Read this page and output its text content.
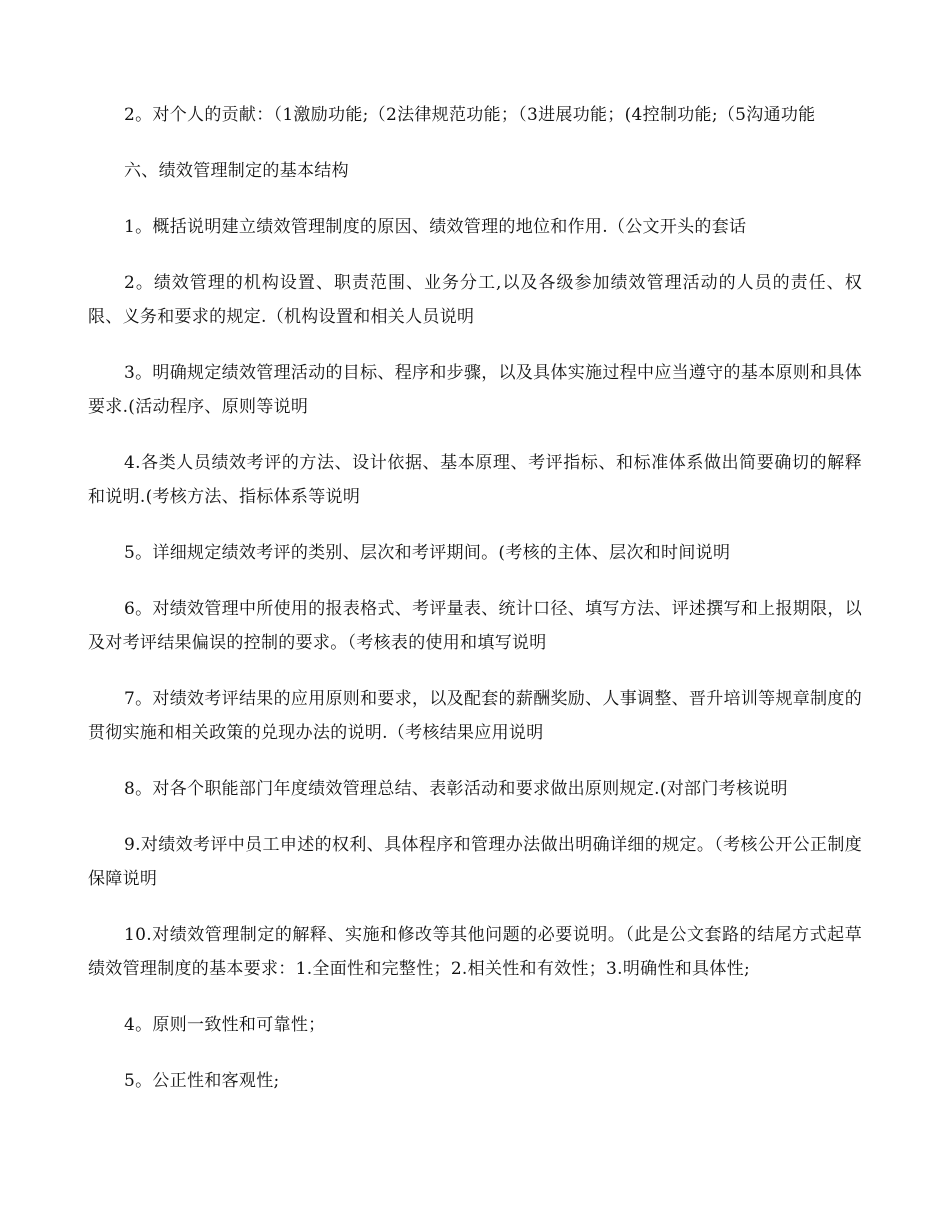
2。对个人的贡献：（1激励功能;（2法律规范功能；（3进展功能；(4控制功能;（5沟通功能

六、绩效管理制定的基本结构

1。概括说明建立绩效管理制度的原因、绩效管理的地位和作用.（公文开头的套话

2。绩效管理的机构设置、职责范围、业务分工,以及各级参加绩效管理活动的人员的责任、权限、义务和要求的规定.（机构设置和相关人员说明

3。明确规定绩效管理活动的目标、程序和步骤，以及具体实施过程中应当遵守的基本原则和具体要求.(活动程序、原则等说明

4.各类人员绩效考评的方法、设计依据、基本原理、考评指标、和标准体系做出简要确切的解释和说明.(考核方法、指标体系等说明

5。详细规定绩效考评的类别、层次和考评期间。(考核的主体、层次和时间说明

6。对绩效管理中所使用的报表格式、考评量表、统计口径、填写方法、评述撰写和上报期限，以及对考评结果偏误的控制的要求。（考核表的使用和填写说明

7。对绩效考评结果的应用原则和要求，以及配套的薪酬奖励、人事调整、晋升培训等规章制度的贯彻实施和相关政策的兑现办法的说明.（考核结果应用说明

8。对各个职能部门年度绩效管理总结、表彰活动和要求做出原则规定.(对部门考核说明

9.对绩效考评中员工申述的权利、具体程序和管理办法做出明确详细的规定。（考核公开公正制度保障说明

10.对绩效管理制定的解释、实施和修改等其他问题的必要说明。（此是公文套路的结尾方式起草绩效管理制度的基本要求：1.全面性和完整性；2.相关性和有效性；3.明确性和具体性;

4。原则一致性和可靠性；

5。公正性和客观性;
